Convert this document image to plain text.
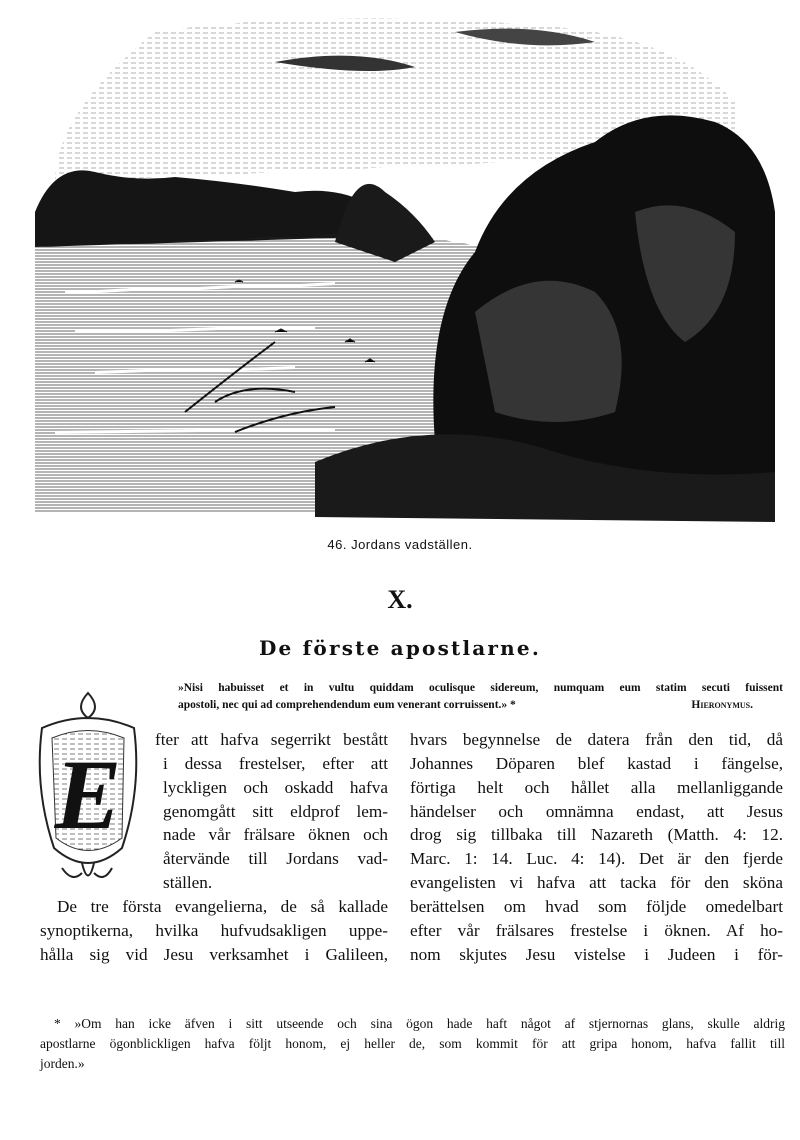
46. Jordans vadställen.
X.
De förste apostlarne.
»Nisi habuisset et in vultu quiddam oculisque sidereum, numquam eum statim secuti fuissent
apostoli, nec qui ad comprehendendum eum venerant corruissent.» *	Hieronymus.
E fter att hafva segerrikt bestått
i dessa frestelser, efter att
lyckligen och oskadd hafva
genomgått sitt eldprof lem-
nade vår frälsare öknen och
återvände till Jordans vad-
ställen.
De tre första evangelierna, de så kallade
synoptikerna, hvilka hufvudsakligen uppe-
hålla sig vid Jesu verksamhet i Galileen,
hvars begynnelse de datera från den tid, då
Johannes Döparen blef kastad i fängelse,
förtiga helt och hållet alla mellanliggande
händelser och omnämna endast, att Jesus
drog sig tillbaka till Nazareth (Matth. 4: 12.
Marc. 1: 14. Luc. 4: 14). Det är den fjerde
evangelisten vi hafva att tacka för den sköna
berättelsen om hvad som följde omedelbart
efter vår frälsares frestelse i öknen. Af ho-
nom skjutes Jesu vistelse i Judeen i för-
* »Om han icke äfven i sitt utseende och sina ögon hade haft något af stjernornas glans, skulle aldrig
apostlarne ögonblickligen hafva följt honom, ej heller de, som kommit för att gripa honom, hafva fallit till
jorden.»
